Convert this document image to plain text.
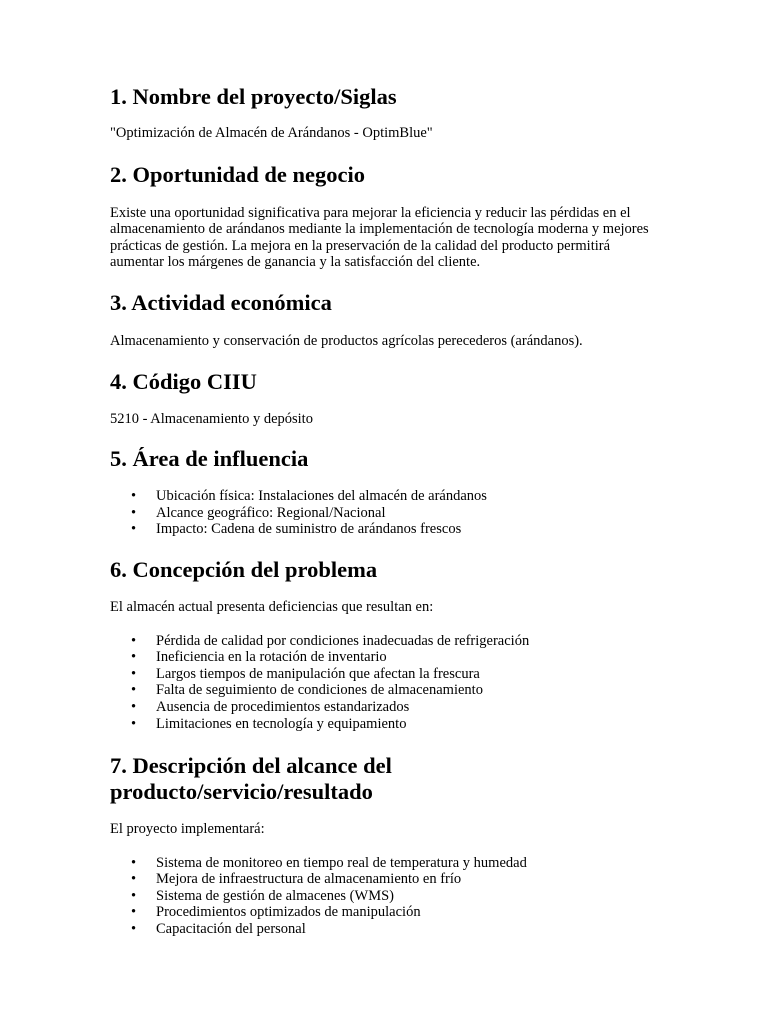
1. Nombre del proyecto/Siglas

"Optimización de Almacén de Arándanos - OptimBlue"

2. Oportunidad de negocio

Existe una oportunidad significativa para mejorar la eficiencia y reducir las pérdidas en el almacenamiento de arándanos mediante la implementación de tecnología moderna y mejores prácticas de gestión. La mejora en la preservación de la calidad del producto permitirá aumentar los márgenes de ganancia y la satisfacción del cliente.

3. Actividad económica

Almacenamiento y conservación de productos agrícolas perecederos (arándanos).

4. Código CIIU

5210 - Almacenamiento y depósito

5. Área de influencia
• Ubicación física: Instalaciones del almacén de arándanos
• Alcance geográfico: Regional/Nacional
• Impacto: Cadena de suministro de arándanos frescos
6. Concepción del problema

El almacén actual presenta deficiencias que resultan en:

• Pérdida de calidad por condiciones inadecuadas de refrigeración
• Ineficiencia en la rotación de inventario
• Largos tiempos de manipulación que afectan la frescura
• Falta de seguimiento de condiciones de almacenamiento
• Ausencia de procedimientos estandarizados
• Limitaciones en tecnología y equipamiento
7. Descripción del alcance del producto/servicio/resultado

El proyecto implementará:

• Sistema de monitoreo en tiempo real de temperatura y humedad
• Mejora de infraestructura de almacenamiento en frío
• Sistema de gestión de almacenes (WMS)
• Procedimientos optimizados de manipulación
• Capacitación del personal
